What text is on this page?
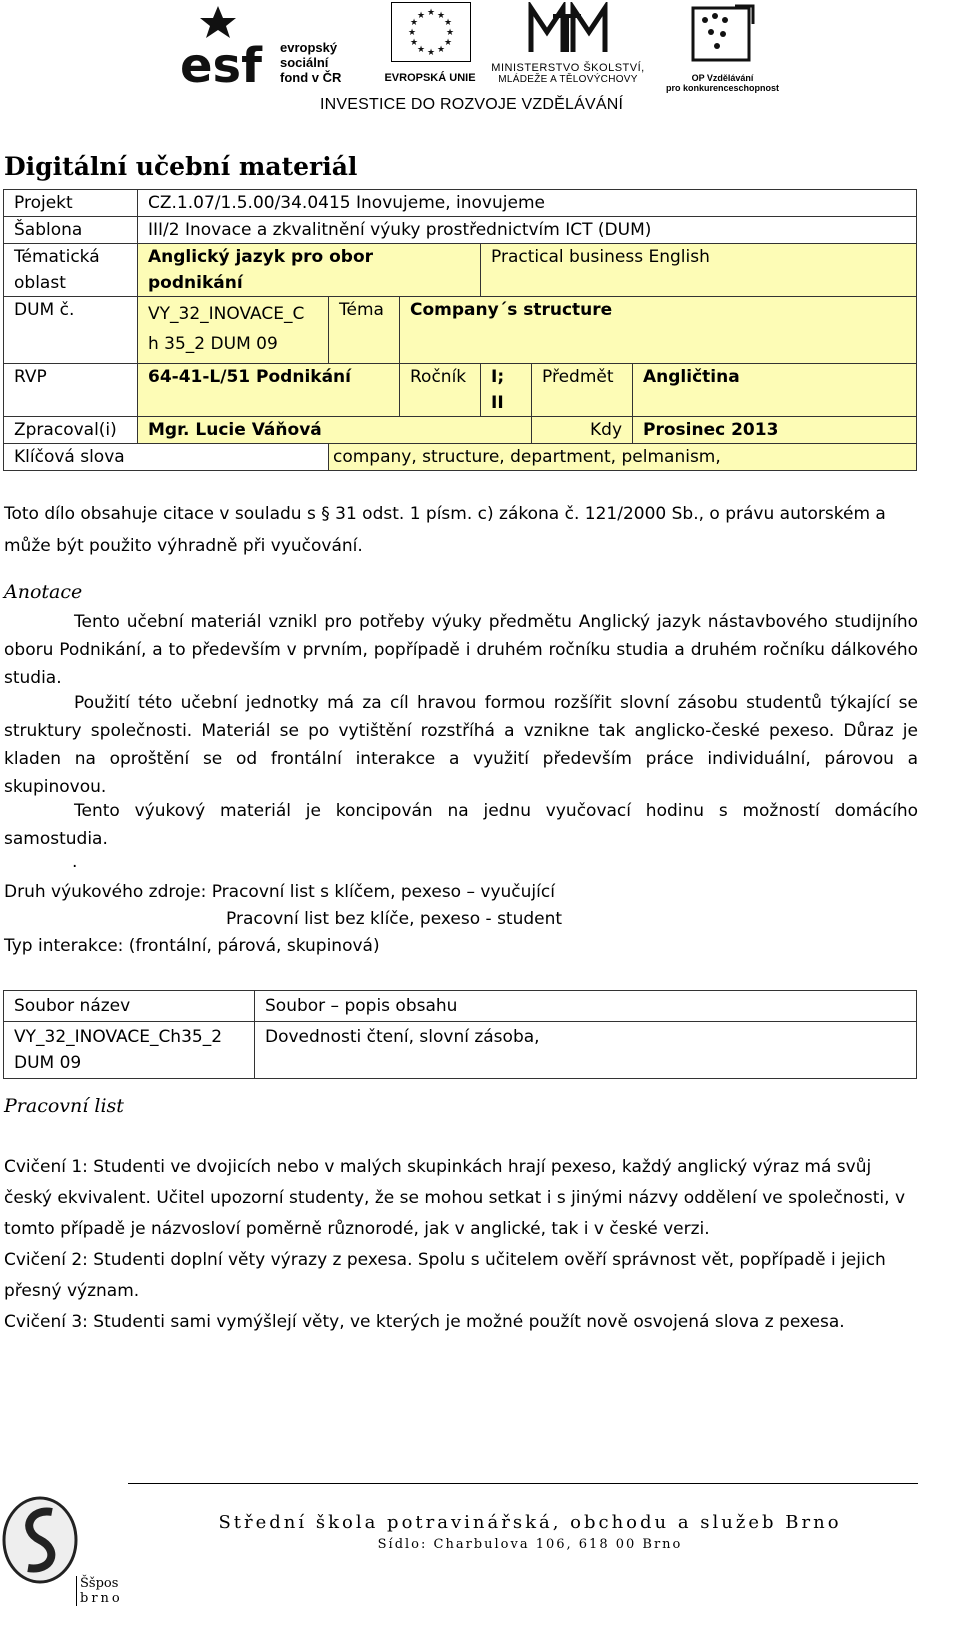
esf evropský
sociální
fond v ČR
★ ★
★
★
★
★
★
★
★
★
★
★
EVROPSKÁ UNIE
MINISTERSTVO ŠKOLSTVÍ,
MLÁDEŽE A TĚLOVÝCHOVY	OP Vzdělávání
pro konkurenceschopnost
INVESTICE DO ROZVOJE VZDĚLÁVÁNÍ
Digitální učební materiál
Projekt	CZ.1.07/1.5.00/34.0415 Inovujeme, inovujeme					
Šablona	III/2 Inovace a zkvalitnění výuky prostřednictvím ICT (DUM)					
Tématická oblast	Anglický jazyk pro obor podnikání			Practical business English		
DUM č.	VY_32_INOVACE_C h 35_2 DUM 09	Téma	Company´s structure			
RVP	64-41-L/51 Podnikání		Ročník	I; II	Předmět	Angličtina
Zpracoval(i)	Mgr. Lucie Váňová				Kdy	Prosinec 2013
Klíčová slova		company, structure, department, pelmanism,				
Toto dílo obsahuje citace v souladu s § 31 odst. 1 písm. c) zákona č. 121/2000 Sb., o právu autorském a může být použito výhradně při vyučování.
Anotace
Tento učební materiál vznikl pro potřeby výuky předmětu Anglický jazyk nástavbového studijního oboru Podnikání, a to především v prvním, popřípadě i druhém ročníku studia a druhém ročníku dálkového studia.
Použití této učební jednotky má za cíl hravou formou rozšířit slovní zásobu studentů týkající se struktury společnosti. Materiál se po vytištění rozstříhá a vznikne tak anglicko-české pexeso. Důraz je kladen na oproštění se od frontální interakce a využití především práce individuální, párovou a skupinovou.
Tento výukový materiál je koncipován na jednu vyučovací hodinu s možností domácího samostudia.
.
Druh výukového zdroje: Pracovní list s klíčem, pexeso – vyučující
Pracovní list bez klíče, pexeso - student
Typ interakce: (frontální, párová, skupinová)
Soubor název	Soubor – popis obsahu
VY_32_INOVACE_Ch35_2 DUM 09	Dovednosti čtení, slovní zásoba,
Pracovní list
Cvičení 1: Studenti ve dvojicích nebo v malých skupinkách hrají pexeso, každý anglický výraz má svůj český ekvivalent. Učitel upozorní studenty, že se mohou setkat i s jinými názvy oddělení ve společnosti, v tomto případě je názvosloví poměrně různorodé, jak v anglické, tak i v české verzi.
Cvičení 2: Studenti doplní věty výrazy z pexesa. Spolu s učitelem ověří správnost vět, popřípadě i jejich přesný význam.
Cvičení 3: Studenti sami vymýšlejí věty, ve kterých je možné použít nově osvojená slova z pexesa.
Ššpos
brno
Střední škola potravinářská, obchodu a služeb Brno
Sídlo: Charbulova 106, 618 00 Brno
